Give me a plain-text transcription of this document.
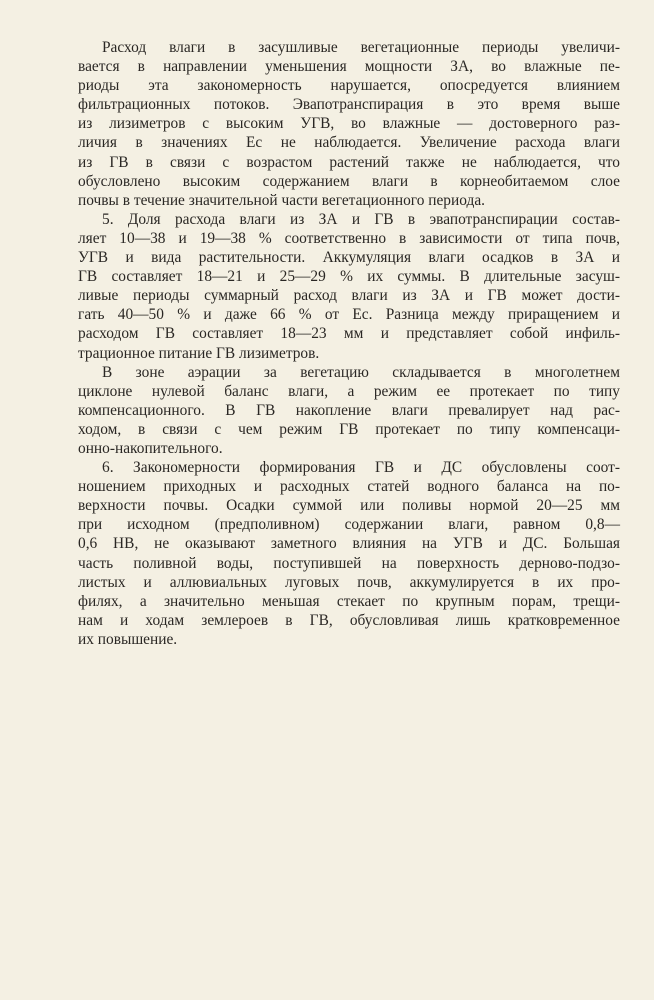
Расход влаги в засушливые вегетационные периоды увеличи-
вается в направлении уменьшения мощности ЗА, во влажные пе-
риоды эта закономерность нарушается, опосредуется влиянием
фильтрационных потоков. Эвапотранспирация в это время выше
из лизиметров с высоким УГВ, во влажные — достоверного раз-
личия в значениях Eс не наблюдается. Увеличение расхода влаги
из ГВ в связи с возрастом растений также не наблюдается, что
обусловлено высоким содержанием влаги в корнеобитаемом слое
почвы в течение значительной части вегетационного периода.
5. Доля расхода влаги из ЗА и ГВ в эвапотранспирации состав-
ляет 10—38 и 19—38 % соответственно в зависимости от типа почв,
УГВ и вида растительности. Аккумуляция влаги осадков в ЗА и
ГВ составляет 18—21 и 25—29 % их суммы. В длительные засуш-
ливые периоды суммарный расход влаги из ЗА и ГВ может дости-
гать 40—50 % и даже 66 % от Eс. Разница между приращением и
расходом ГВ составляет 18—23 мм и представляет собой инфиль-
трационное питание ГВ лизиметров.
В зоне аэрации за вегетацию складывается в многолетнем
циклоне нулевой баланс влаги, а режим ее протекает по типу
компенсационного. В ГВ накопление влаги превалирует над рас-
ходом, в связи с чем режим ГВ протекает по типу компенсаци-
онно-накопительного.
6. Закономерности формирования ГВ и ДС обусловлены соот-
ношением приходных и расходных статей водного баланса на по-
верхности почвы. Осадки суммой или поливы нормой 20—25 мм
при исходном (предполивном) содержании влаги, равном 0,8—
0,6 НВ, не оказывают заметного влияния на УГВ и ДС. Большая
часть поливной воды, поступившей на поверхность дерново-подзо-
листых и аллювиальных луговых почв, аккумулируется в их про-
филях, а значительно меньшая стекает по крупным порам, трещи-
нам и ходам землероев в ГВ, обусловливая лишь кратковременное
их повышение.
